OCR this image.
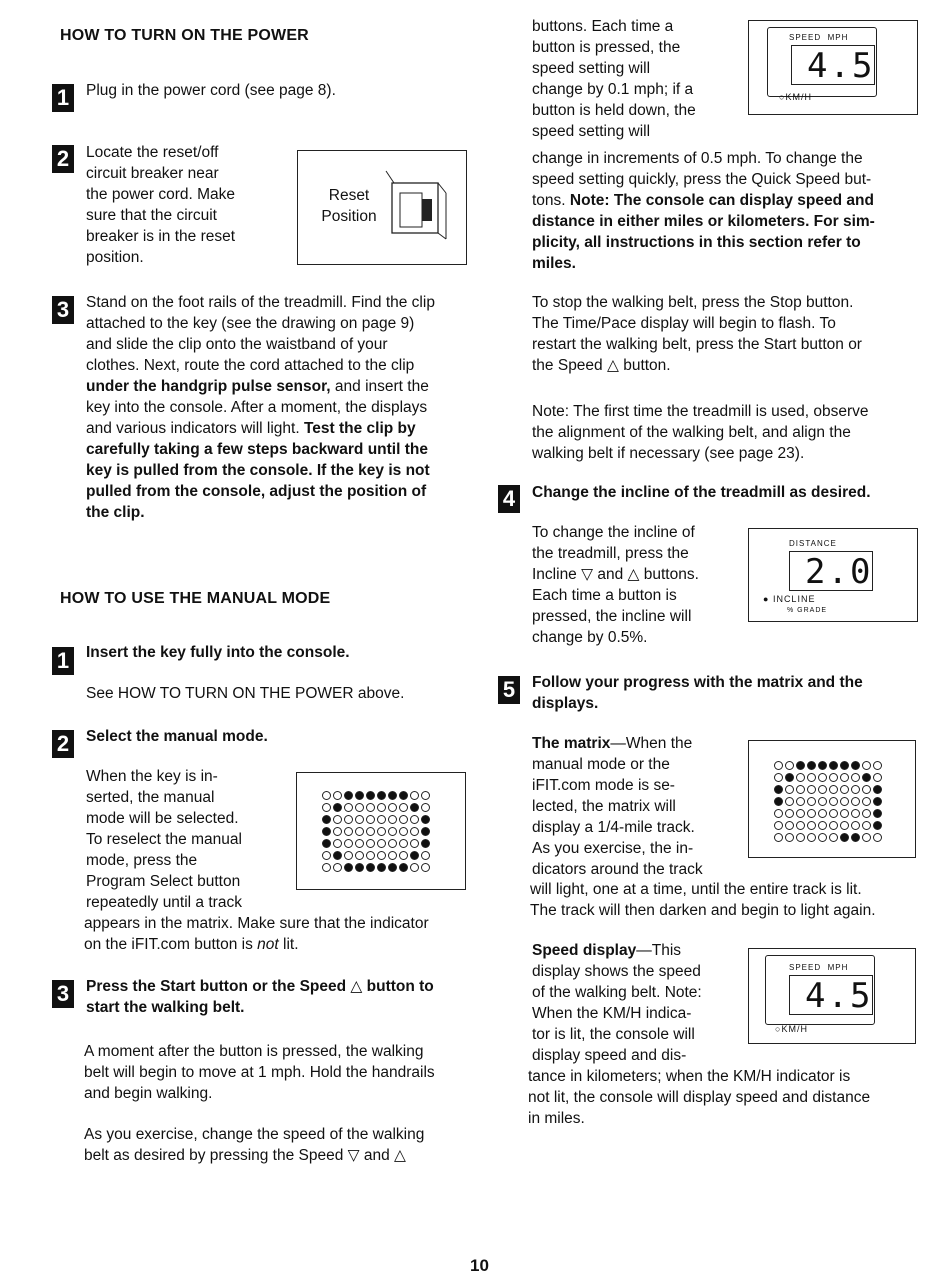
HOW TO TURN ON THE POWER
1	Plug in the power cord (see page 8).
2	Locate the reset/off
circuit breaker near
the power cord. Make
sure that the circuit
breaker is in the reset
position.
Reset
Position
3	Stand on the foot rails of the treadmill. Find the clip
attached to the key (see the drawing on page 9)
and slide the clip onto the waistband of your
clothes. Next, route the cord attached to the clip
under the handgrip pulse sensor, and insert the
key into the console. After a moment, the displays
and various indicators will light. Test the clip by
carefully taking a few steps backward until the
key is pulled from the console. If the key is not
pulled from the console, adjust the position of
the clip.
HOW TO USE THE MANUAL MODE
1	Insert the key fully into the console.
See HOW TO TURN ON THE POWER above.
2	Select the manual mode.
When the key is in-
serted, the manual
mode will be selected.
To reselect the manual
mode, press the
Program Select button
repeatedly until a track
appears in the matrix. Make sure that the indicator
on the iFIT.com button is not lit.
3	Press the Start button or the Speed △ button to
start the walking belt.
A moment after the button is pressed, the walking
belt will begin to move at 1 mph. Hold the handrails
and begin walking.
As you exercise, change the speed of the walking
belt as desired by pressing the Speed ▽ and △
buttons. Each time a
button is pressed, the
speed setting will
change by 0.1 mph; if a
button is held down, the
speed setting will
SPEED MPH
4.5
○KM/H
change in increments of 0.5 mph. To change the
speed setting quickly, press the Quick Speed but-
tons. Note: The console can display speed and
distance in either miles or kilometers. For sim-
plicity, all instructions in this section refer to
miles.
To stop the walking belt, press the Stop button.
The Time/Pace display will begin to flash. To
restart the walking belt, press the Start button or
the Speed △ button.
Note: The first time the treadmill is used, observe
the alignment of the walking belt, and align the
walking belt if necessary (see page 23).
4	Change the incline of the treadmill as desired.
To change the incline of
the treadmill, press the
Incline ▽ and △ buttons.
Each time a button is
pressed, the incline will
change by 0.5%.
DISTANCE
2.0
● INCLINE
% GRADE
5	Follow your progress with the matrix and the
displays.
The matrix—When the
manual mode or the
iFIT.com mode is se-
lected, the matrix will
display a 1/4-mile track.
As you exercise, the in-
dicators around the track
will light, one at a time, until the entire track is lit.
The track will then darken and begin to light again.
Speed display—This
display shows the speed
of the walking belt. Note:
When the KM/H indica-
tor is lit, the console will
display speed and dis-
tance in kilometers; when the KM/H indicator is
not lit, the console will display speed and distance
in miles.
SPEED MPH
4.5
○KM/H
10
